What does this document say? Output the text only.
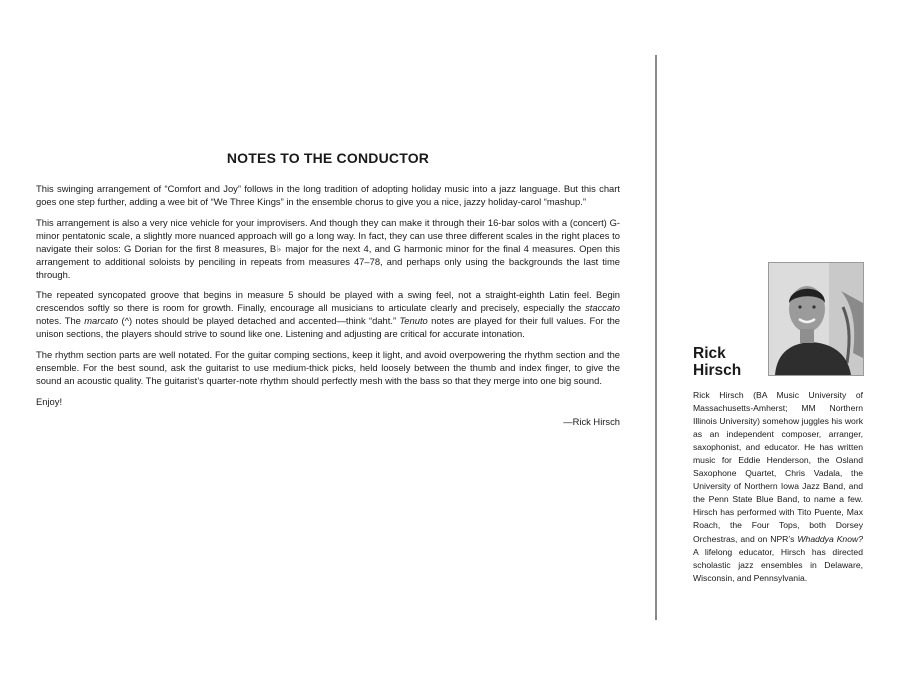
NOTES TO THE CONDUCTOR

This swinging arrangement of “Comfort and Joy” follows in the long tradition of adopting holiday music into a jazz language. But this chart goes one step further, adding a wee bit of “We Three Kings” in the ensemble chorus to give you a nice, jazzy holiday-carol “mashup.”

This arrangement is also a very nice vehicle for your improvisers. And though they can make it through their 16-bar solos with a (concert) G-minor pentatonic scale, a slightly more nuanced approach will go a long way. In fact, they can use three different scales in the right places to navigate their solos: G Dorian for the first 8 measures, B♭ major for the next 4, and G harmonic minor for the final 4 measures. Open this arrangement to additional soloists by penciling in repeats from measures 47–78, and perhaps only using the backgrounds the last time through.

The repeated syncopated groove that begins in measure 5 should be played with a swing feel, not a straight-eighth Latin feel. Begin crescendos softly so there is room for growth. Finally, encourage all musicians to articulate clearly and precisely, especially the staccato notes. The marcato (^) notes should be played detached and accented—think “daht.” Tenuto notes are played for their full values. For the unison sections, the players should strive to sound like one. Listening and adjusting are critical for accurate intonation.

The rhythm section parts are well notated. For the guitar comping sections, keep it light, and avoid overpowering the rhythm section and the ensemble. For the best sound, ask the guitarist to use medium-thick picks, held loosely between the thumb and index finger, to give the sound an acoustic quality. The guitarist’s quarter-note rhythm should perfectly mesh with the bass so that they merge into one big sound.

Enjoy!

—Rick Hirsch

Rick
Hirsch

Rick Hirsch (BA Music University of Massachusetts-Amherst; MM Northern Illinois University) somehow juggles his work as an independent composer, arranger, saxophonist, and educator. He has written music for Eddie Henderson, the Osland Saxophone Quartet, Chris Vadala, the University of Northern Iowa Jazz Band, and the Penn State Blue Band, to name a few. Hirsch has performed with Tito Puente, Max Roach, the Four Tops, both Dorsey Orchestras, and on NPR’s Whaddya Know? A lifelong educator, Hirsch has directed scholastic jazz ensembles in Delaware, Wisconsin, and Pennsylvania.
